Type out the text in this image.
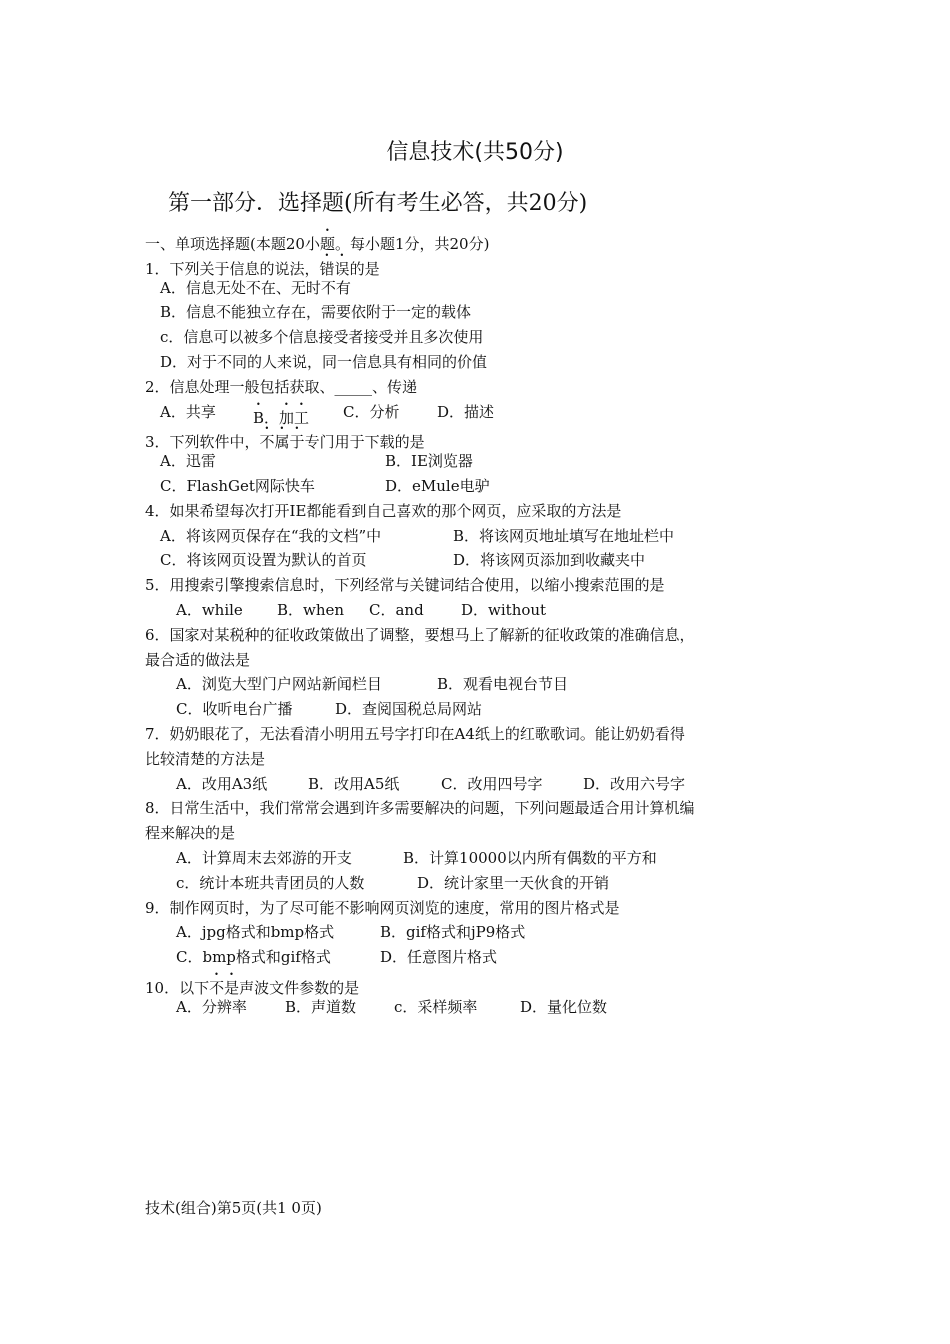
信息技术(共50分)
第一部分．选择题(所有考生必答，共20分)
一、单项选择题(本题20小题。每小题1分，共20分)
1．下列关于信息的说法，错误的是
A．信息无处不在、无时不有
B．信息不能独立存在，需要依附于一定的载体
c．信息可以被多个信息接受者接受并且多次使用
D．对于不同的人来说，同一信息具有相同的价值
2．信息处理一般包括获取、_____、传递
A．共享 B．加工 C．分析	D．描述
3．下列软件中，不属于专门用于下载的是
A．迅雷	B．IE浏览器
C．FlashGet网际快车	D．eMule电驴
4．如果希望每次打开IE都能看到自己喜欢的那个网页，应采取的方法是
A．将该网页保存在“我的文档”中	B．将该网页地址填写在地址栏中
C．将该网页设置为默认的首页	D．将该网页添加到收藏夹中
5．用搜索引擎搜索信息时，下列经常与关键词结合使用，以缩小搜索范围的是
A．while B．when C．and D．without
6．国家对某税种的征收政策做出了调整，要想马上了解新的征收政策的准确信息，
最合适的做法是
A．浏览大型门户网站新闻栏目	B．观看电视台节目
C．收听电台广播	D．查阅国税总局网站
7．奶奶眼花了，无法看清小明用五号字打印在A4纸上的红歌歌词。能让奶奶看得
比较清楚的方法是
A．改用A3纸	B．改用A5纸	C．改用四号字	D．改用六号字
8．日常生活中，我们常常会遇到许多需要解决的问题，下列问题最适合用计算机编
程来解决的是
A．计算周末去郊游的开支	B．计算10000以内所有偶数的平方和
c．统计本班共青团员的人数	D．统计家里一天伙食的开销
9．制作网页时，为了尽可能不影响网页浏览的速度，常用的图片格式是
A．jpg格式和bmp格式	B．gif格式和jP9格式
C．bmp格式和gif格式	D．任意图片格式
10．以下不是声波文件参数的是
A．分辨率	B．声道数	c．采样频率	D．量化位数
技术(组合)第5页(共1 0页)
